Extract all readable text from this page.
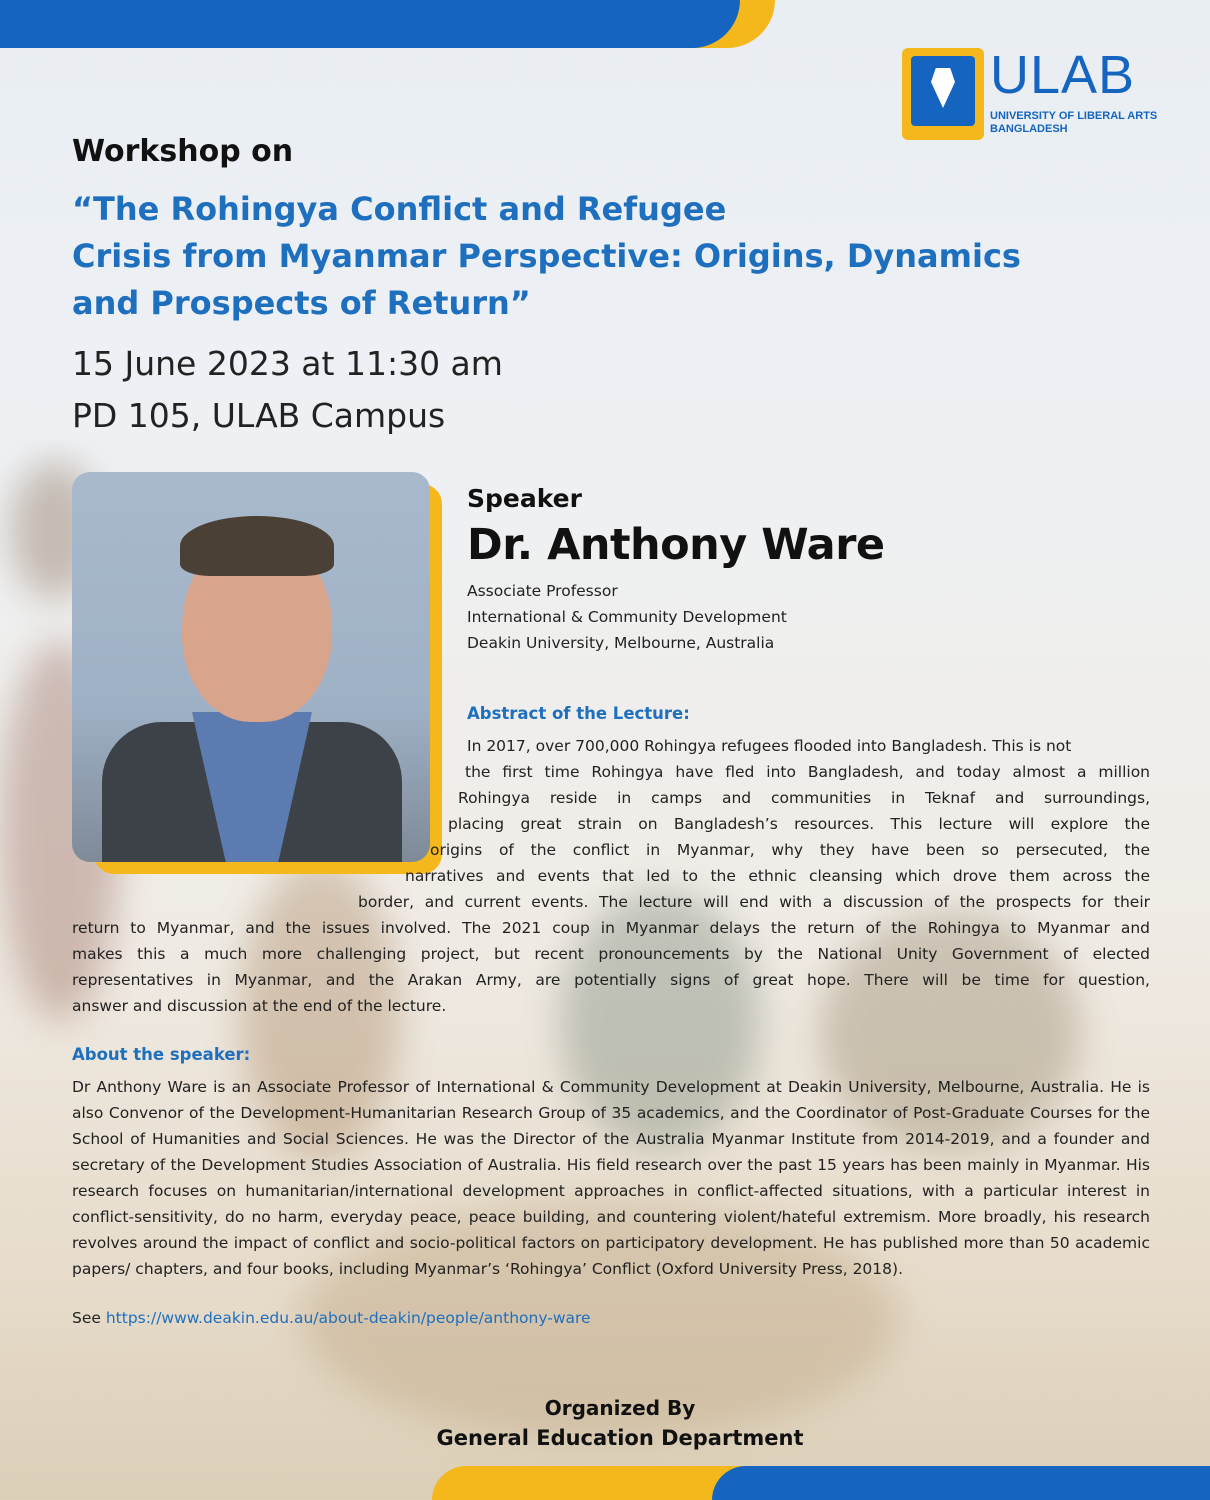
ULAB
UNIVERSITY OF LIBERAL ARTS
BANGLADESH
Workshop on
“The Rohingya Conflict and Refugee
Crisis from Myanmar Perspective: Origins, Dynamics
and Prospects of Return”
15 June 2023 at 11:30 am
PD 105, ULAB Campus
Speaker
Dr. Anthony Ware
Associate Professor
International & Community Development
Deakin University, Melbourne, Australia
Abstract of the Lecture:
In 2017, over 700,000 Rohingya refugees flooded into Bangladesh. This is not
the first time Rohingya have fled into Bangladesh, and today almost a million
Rohingya reside in camps and communities in Teknaf and surroundings,
placing great strain on Bangladesh’s resources. This lecture will explore the
origins of the conflict in Myanmar, why they have been so persecuted, the
narratives and events that led to the ethnic cleansing which drove them across the
border, and current events. The lecture will end with a discussion of the prospects for their
return to Myanmar, and the issues involved. The 2021 coup in Myanmar delays the return of the Rohingya to Myanmar and
makes this a much more challenging project, but recent pronouncements by the National Unity Government of elected
representatives in Myanmar, and the Arakan Army, are potentially signs of great hope. There will be time for question,
answer and discussion at the end of the lecture.
About the speaker:
Dr Anthony Ware is an Associate Professor of International & Community Development at Deakin University, Melbourne, Australia. He is also Convenor of the Development-Humanitarian Research Group of 35 academics, and the Coordinator of Post-Graduate Courses for the School of Humanities and Social Sciences. He was the Director of the Australia Myanmar Institute from 2014-2019, and a founder and secretary of the Development Studies Association of Australia. His field research over the past 15 years has been mainly in Myanmar. His research focuses on humanitarian/international development approaches in conflict-affected situations, with a particular interest in conflict-sensitivity, do no harm, everyday peace, peace building, and countering violent/hateful extremism. More broadly, his research revolves around the impact of conflict and socio-political factors on participatory development. He has published more than 50 academic papers/ chapters, and four books, including Myanmar’s ‘Rohingya’ Conflict (Oxford University Press, 2018).
See https://www.deakin.edu.au/about-deakin/people/anthony-ware
Organized By
General Education Department
